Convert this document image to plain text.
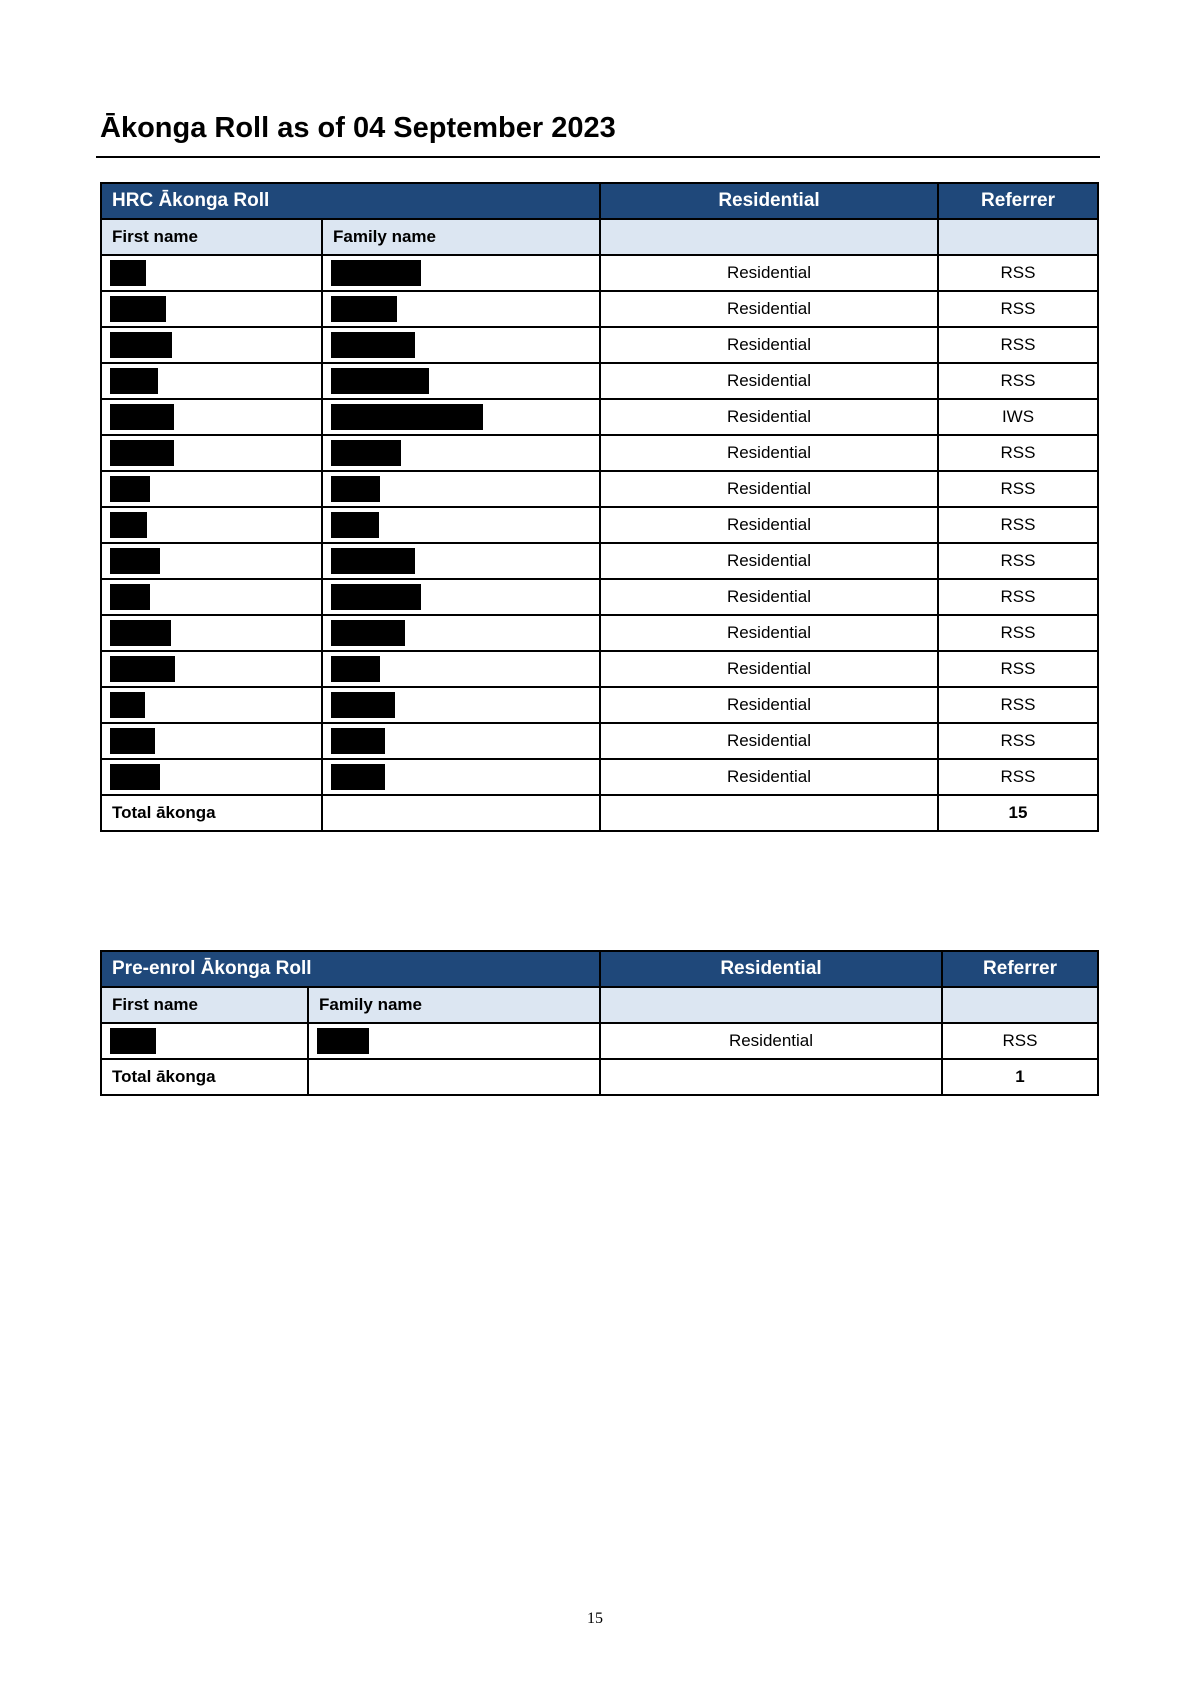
Ākonga Roll as of 04 September 2023
HRC Ākonga Roll		Residential	Referrer
First name	Family name		
		Residential	RSS
		Residential	RSS
		Residential	RSS
		Residential	RSS
		Residential	IWS
		Residential	RSS
		Residential	RSS
		Residential	RSS
		Residential	RSS
		Residential	RSS
		Residential	RSS
		Residential	RSS
		Residential	RSS
		Residential	RSS
		Residential	RSS
Total ākonga			15
Pre-enrol Ākonga Roll		Residential	Referrer
First name	Family name		
		Residential	RSS
Total ākonga			1
15
